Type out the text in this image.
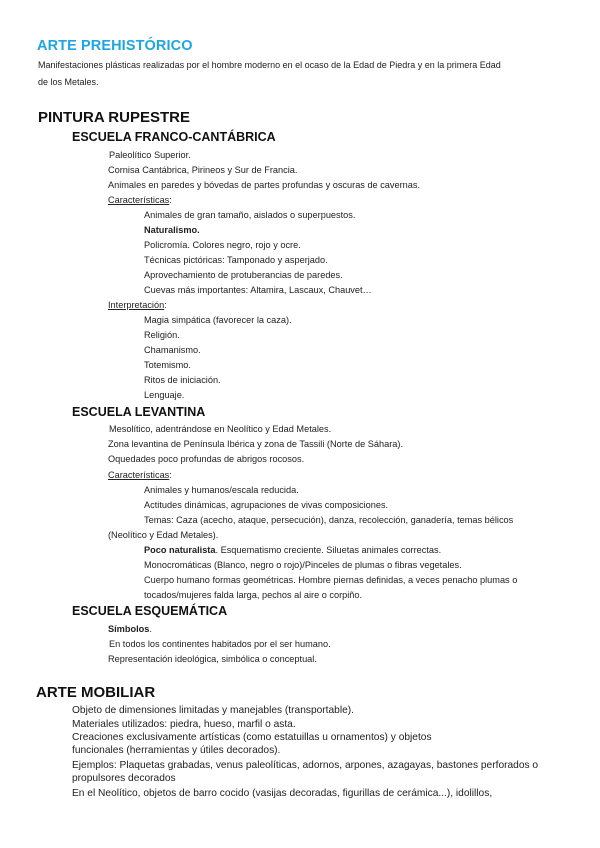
ARTE PREHISTÓRICO

Manifestaciones plásticas realizadas por el hombre moderno en el ocaso de la Edad de Piedra y en la primera Edad

de los Metales.

PINTURA RUPESTRE

ESCUELA FRANCO-CANTÁBRICA

Paleolítico Superior.

Cornisa Cantábrica, Pirineos y Sur de Francia.

Animales en paredes y bóvedas de partes profundas y oscuras de cavernas.

Características:

Animales de gran tamaño, aislados o superpuestos.

Naturalismo.

Policromía. Colores negro, rojo y ocre.

Técnicas pictóricas: Tamponado y asperjado.

Aprovechamiento de protuberancias de paredes.

Cuevas más importantes: Altamira, Lascaux, Chauvet…

Interpretación:

Magia simpática (favorecer la caza).

Religión.

Chamanismo.

Totemismo.

Ritos de iniciación.

Lenguaje.

ESCUELA LEVANTINA

Mesolítico, adentrándose en Neolítico y Edad Metales.

Zona levantina de Península Ibérica y zona de Tassili (Norte de Sáhara).

Oquedades poco profundas de abrigos rocosos.

Características:

Animales y humanos/escala reducida.

Actitudes dinámicas, agrupaciones de vivas composiciones.

Temas: Caza (acecho, ataque, persecución), danza, recolección, ganadería, temas bélicos

(Neolítico y Edad Metales).

Poco naturalista. Esquematismo creciente. Siluetas animales correctas.

Monocromáticas (Blanco, negro o rojo)/Pinceles de plumas o fibras vegetales.

Cuerpo humano formas geométricas. Hombre piernas definidas, a veces penacho plumas o

tocados/mujeres falda larga, pechos al aire o corpiño.

ESCUELA ESQUEMÁTICA

Símbolos.

En todos los continentes habitados por el ser humano.

Representación ideológica, simbólica o conceptual.

ARTE MOBILIAR

Objeto de dimensiones limitadas y manejables (transportable).

Materiales utilizados: piedra, hueso, marfil o asta.

Creaciones exclusivamente artísticas (como estatuillas u ornamentos) y objetos

funcionales (herramientas y útiles decorados).

Ejemplos: Plaquetas grabadas, venus paleolíticas, adornos, arpones, azagayas, bastones perforados o

propulsores decorados

En el Neolítico, objetos de barro cocido (vasijas decoradas, figurillas de cerámica...), idolillos,
